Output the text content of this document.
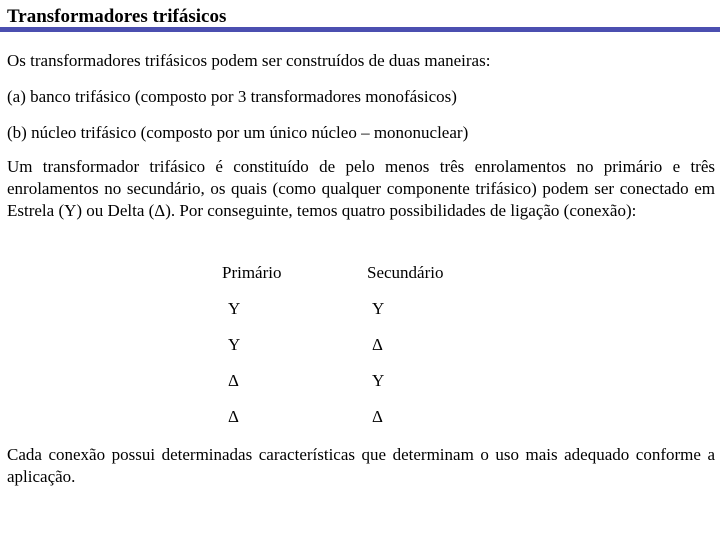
Transformadores trifásicos

Os transformadores trifásicos podem ser construídos de duas maneiras:

(a) banco trifásico (composto por 3 transformadores monofásicos)

(b) núcleo trifásico (composto por um único núcleo – mononuclear)

Um transformador trifásico é constituído de pelo menos três enrolamentos no primário e três enrolamentos no secundário, os quais (como qualquer componente trifásico) podem ser conectado em Estrela (Y) ou Delta (Δ). Por conseguinte, temos quatro possibilidades de ligação (conexão):

Primário	Secundário
Y	Y
Y	Δ
Δ	Y
Δ	Δ

Cada conexão possui determinadas características que determinam o uso mais adequado conforme a aplicação.
